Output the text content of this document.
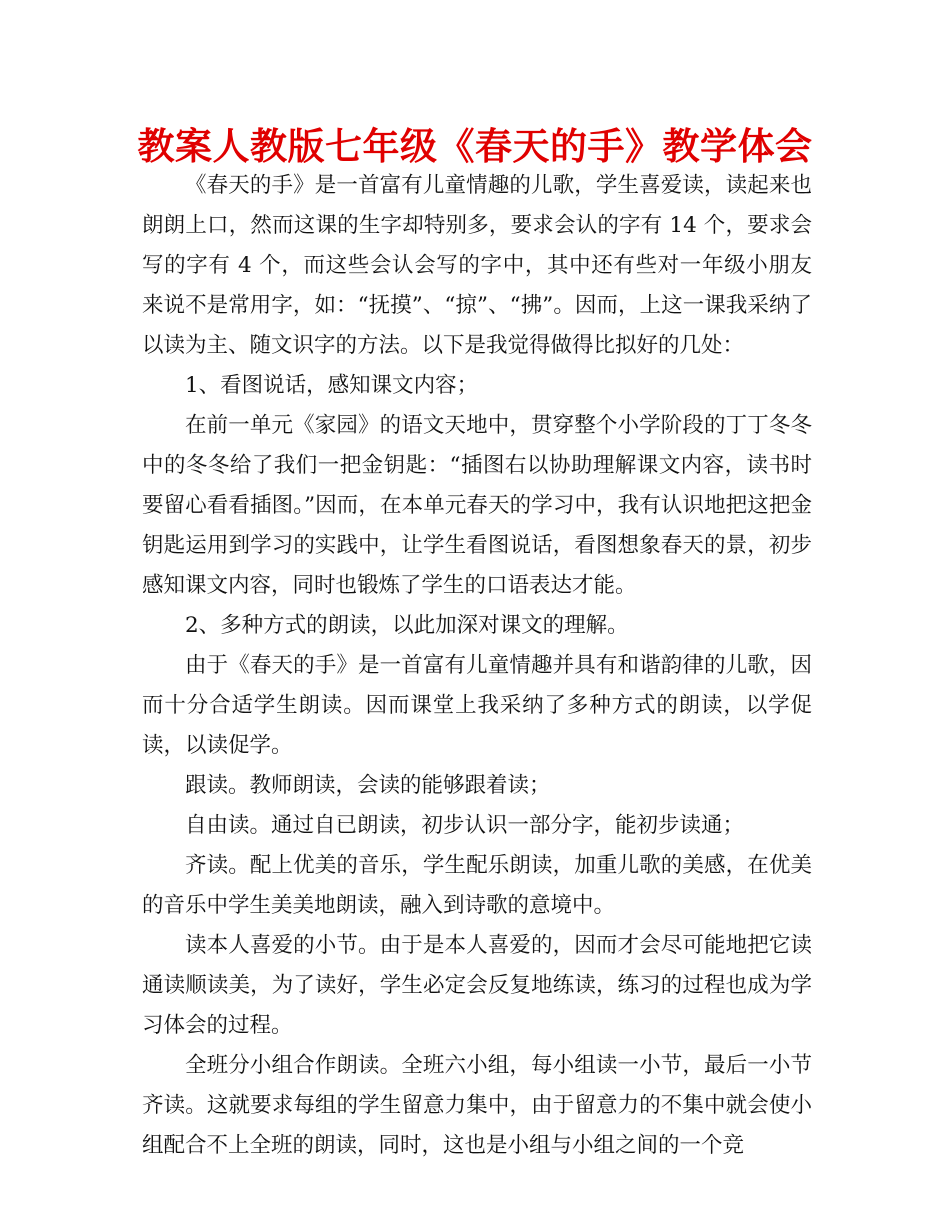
教案人教版七年级《春天的手》教学体会

《春天的手》是一首富有儿童情趣的儿歌，学生喜爱读，读起来也朗朗上口，然而这课的生字却特别多，要求会认的字有 14 个，要求会写的字有 4 个，而这些会认会写的字中，其中还有些对一年级小朋友来说不是常用字，如：“抚摸”、“掠”、“拂”。因而，上这一课我采纳了以读为主、随文识字的方法。以下是我觉得做得比拟好的几处：

1、看图说话，感知课文内容；

在前一单元《家园》的语文天地中，贯穿整个小学阶段的丁丁冬冬中的冬冬给了我们一把金钥匙：“插图右以协助理解课文内容，读书时要留心看看插图。”因而，在本单元春天的学习中，我有认识地把这把金钥匙运用到学习的实践中，让学生看图说话，看图想象春天的景，初步感知课文内容，同时也锻炼了学生的口语表达才能。

2、多种方式的朗读，以此加深对课文的理解。

由于《春天的手》是一首富有儿童情趣并具有和谐韵律的儿歌，因而十分合适学生朗读。因而课堂上我采纳了多种方式的朗读，以学促读，以读促学。

跟读。教师朗读，会读的能够跟着读；

自由读。通过自已朗读，初步认识一部分字，能初步读通；

齐读。配上优美的音乐，学生配乐朗读，加重儿歌的美感，在优美的音乐中学生美美地朗读，融入到诗歌的意境中。

读本人喜爱的小节。由于是本人喜爱的，因而才会尽可能地把它读通读顺读美，为了读好，学生必定会反复地练读，练习的过程也成为学习体会的过程。

全班分小组合作朗读。全班六小组，每小组读一小节，最后一小节齐读。这就要求每组的学生留意力集中，由于留意力的不集中就会使小组配合不上全班的朗读，同时，这也是小组与小组之间的一个竞
